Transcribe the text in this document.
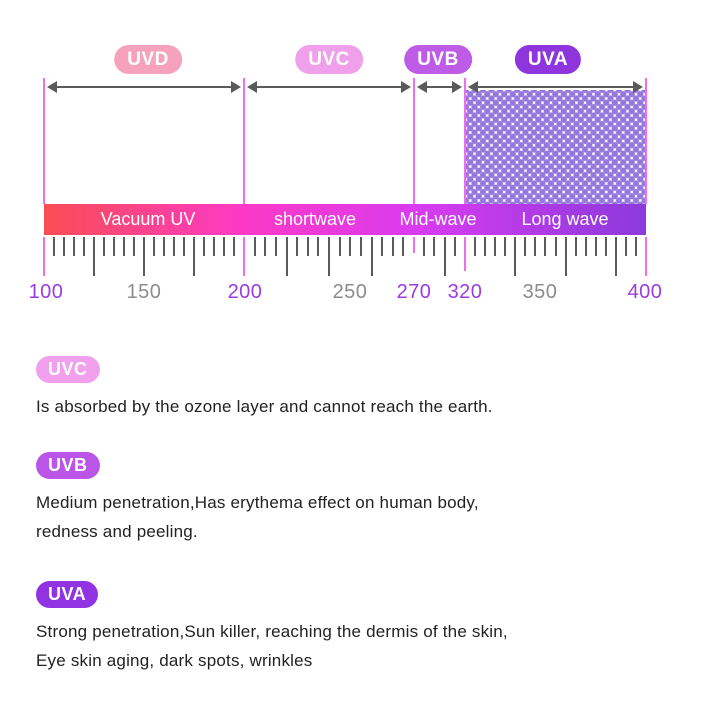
UVD	UVC	UVB	UVA
Vacuum UV	shortwave Mid-wave Long wave
100	150	200	250 270 320 350	400
UVC
Is absorbed by the ozone layer and cannot reach the earth.
UVB
Medium penetration,Has erythema effect on human body,
redness and peeling.
UVA
Strong penetration,Sun killer, reaching the dermis of the skin,
Eye skin aging, dark spots, wrinkles
